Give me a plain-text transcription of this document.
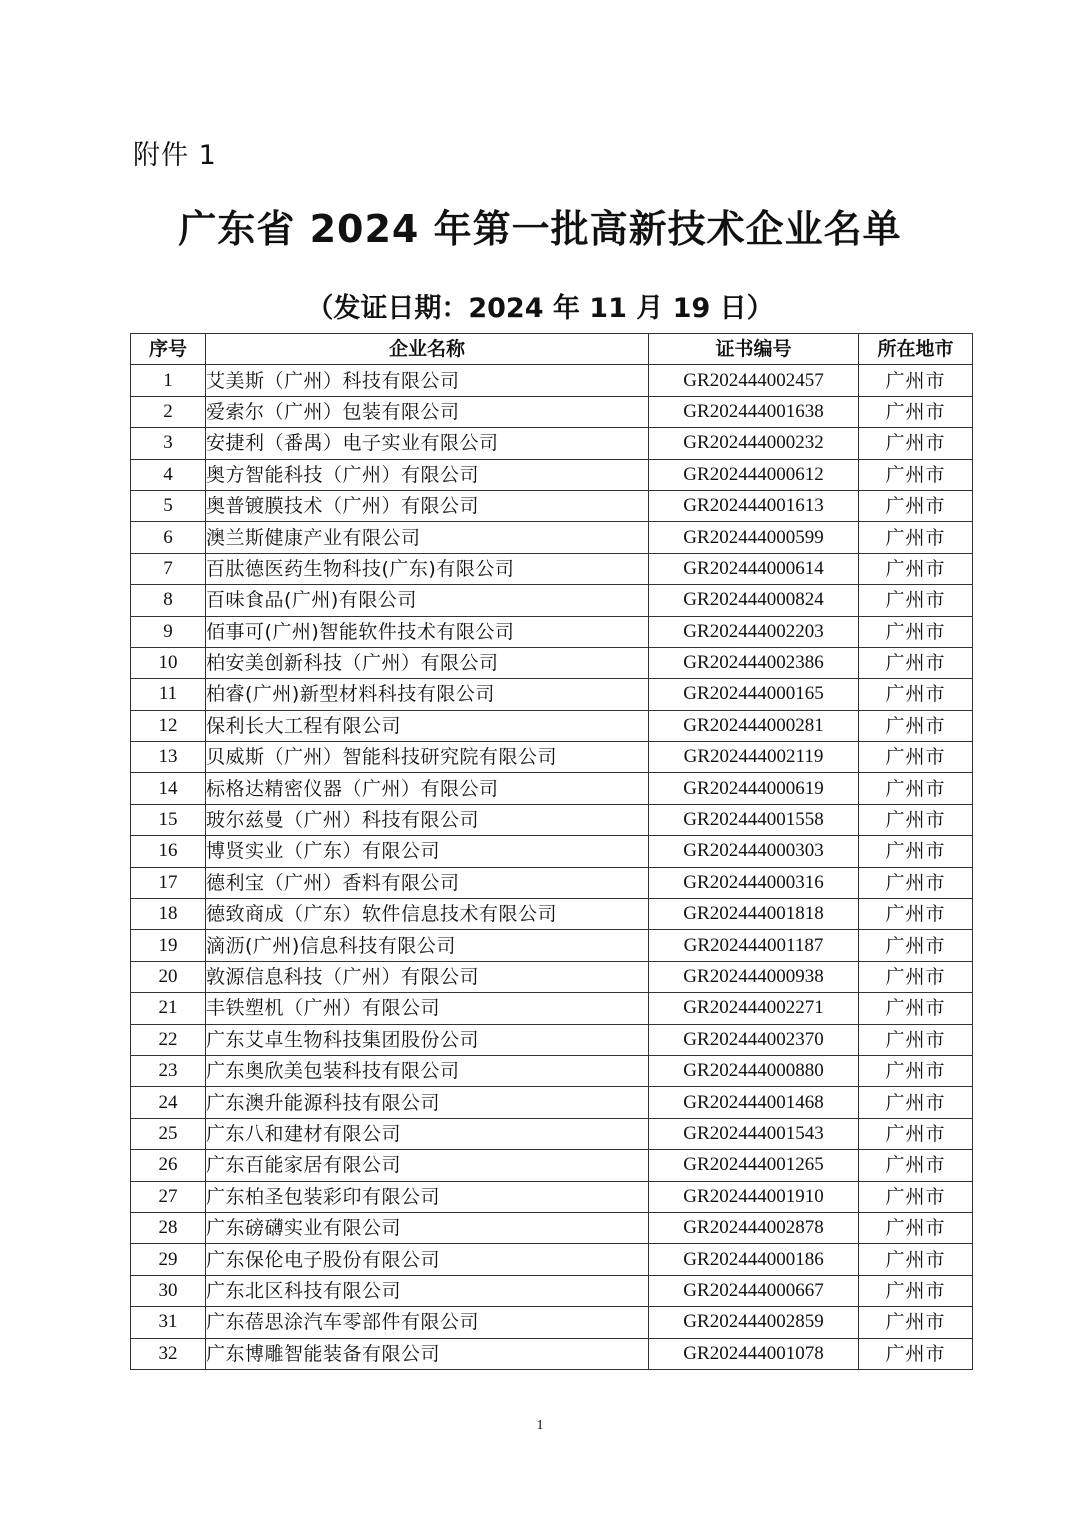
附件 1
广东省 2024 年第一批高新技术企业名单
（发证日期：2024 年 11 月 19 日）
序号	企业名称	证书编号	所在地市
1	艾美斯（广州）科技有限公司	GR202444002457	广州市
2	爱索尔（广州）包装有限公司	GR202444001638	广州市
3	安捷利（番禺）电子实业有限公司	GR202444000232	广州市
4	奥方智能科技（广州）有限公司	GR202444000612	广州市
5	奥普镀膜技术（广州）有限公司	GR202444001613	广州市
6	澳兰斯健康产业有限公司	GR202444000599	广州市
7	百肽德医药生物科技(广东)有限公司	GR202444000614	广州市
8	百味食品(广州)有限公司	GR202444000824	广州市
9	佰事可(广州)智能软件技术有限公司	GR202444002203	广州市
10	柏安美创新科技（广州）有限公司	GR202444002386	广州市
11	柏睿(广州)新型材料科技有限公司	GR202444000165	广州市
12	保利长大工程有限公司	GR202444000281	广州市
13	贝威斯（广州）智能科技研究院有限公司	GR202444002119	广州市
14	标格达精密仪器（广州）有限公司	GR202444000619	广州市
15	玻尔兹曼（广州）科技有限公司	GR202444001558	广州市
16	博贤实业（广东）有限公司	GR202444000303	广州市
17	德利宝（广州）香料有限公司	GR202444000316	广州市
18	德致商成（广东）软件信息技术有限公司	GR202444001818	广州市
19	滴沥(广州)信息科技有限公司	GR202444001187	广州市
20	敦源信息科技（广州）有限公司	GR202444000938	广州市
21	丰铁塑机（广州）有限公司	GR202444002271	广州市
22	广东艾卓生物科技集团股份公司	GR202444002370	广州市
23	广东奥欣美包装科技有限公司	GR202444000880	广州市
24	广东澳升能源科技有限公司	GR202444001468	广州市
25	广东八和建材有限公司	GR202444001543	广州市
26	广东百能家居有限公司	GR202444001265	广州市
27	广东柏圣包装彩印有限公司	GR202444001910	广州市
28	广东磅礴实业有限公司	GR202444002878	广州市
29	广东保伦电子股份有限公司	GR202444000186	广州市
30	广东北区科技有限公司	GR202444000667	广州市
31	广东蓓思涂汽车零部件有限公司	GR202444002859	广州市
32	广东博雕智能装备有限公司	GR202444001078	广州市
1
